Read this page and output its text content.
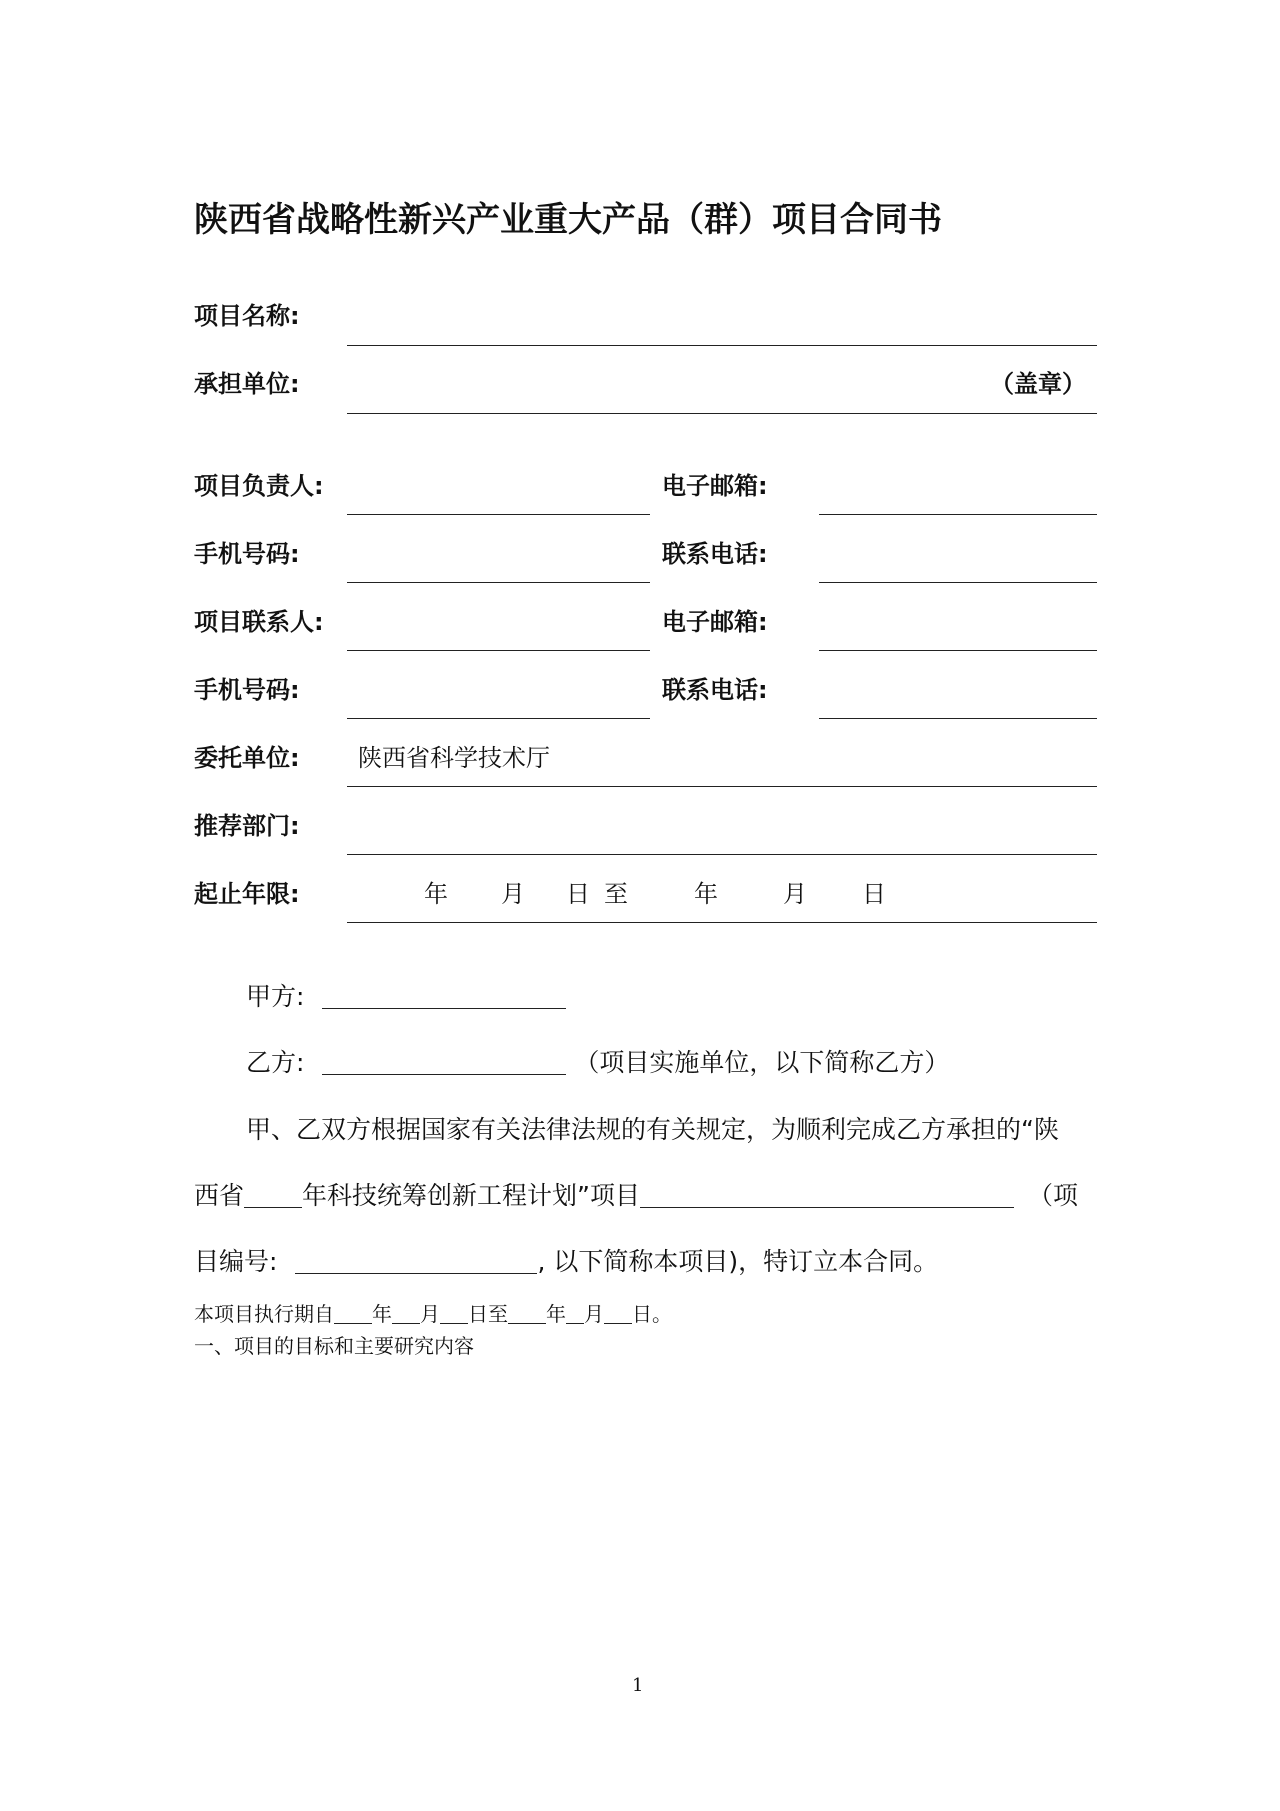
陕西省战略性新兴产业重大产品（群）项目合同书
项目名称:
承担单位:	（盖章）
项目负责人:	电子邮箱:
手机号码:	联系电话:
项目联系人:	电子邮箱:
手机号码:	联系电话:
委托单位: 陕西省科学技术厅
推荐部门:
起止年限:	年 月 日 至	年	月 日
甲方:
乙方:	（项目实施单位，以下简称乙方）
甲、乙双方根据国家有关法律法规的有关规定，为顺利完成乙方承担的“陕
西省 年科技统筹创新工程计划”项目	（项
目编号:	, 以下简称本项目)，特订立本合同。
本项目执行期自 年 月 日至 年 月 日。
一、项目的目标和主要研究内容
1
